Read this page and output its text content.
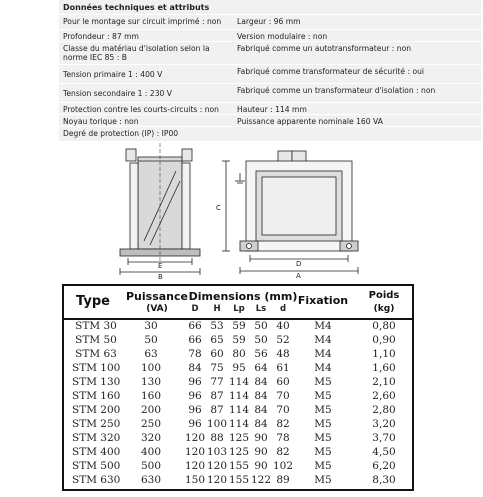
Données techniques et attributs
Pour le montage sur circuit imprimé : non	Largeur : 96 mm
Profondeur : 87 mm	Version modulaire : non
Classe du matériau d'isolation selon la norme IEC 85 : B
Fabriqué comme un autotransformateur : non
Tension primaire 1 : 400 V	Fabriqué comme transformateur de sécurité : oui
Tension secondaire 1 : 230 V	Fabriqué comme un transformateur d'isolation : non
Protection contre les courts-circuits : non	Hauteur : 114 mm
Noyau torique : non	Puissance apparente nominale 160 VA
Degré de protection (IP) : IP00
E
B
C
D
A
Type Puissance
(VA)
Dimensions (mm) Fixation Poids
(kg)
D	H	Lp	Ls	d
STM 30	30	66 53 59 50 40	M4	0,80
STM 50	50	66 65 59 50 52	M4	0,90
STM 63	63	78 60 80 56 48	M4	1,10
STM 100	100	84 75 95 64 61	M4	1,60
STM 130	130	96 77 114 84 60	M5	2,10
STM 160	160	96 87 114 84 70	M5	2,60
STM 200	200	96 87 114 84 70	M5	2,80
STM 250	250	96 100 114 84 82	M5	3,20
STM 320	320	120 88 125 90 78	M5	3,70
STM 400	400	120 103 125 90 82	M5	4,50
STM 500	500	120 120 155 90 102	M5	6,20
STM 630	630	150 120 155 122 89	M5	8,30
